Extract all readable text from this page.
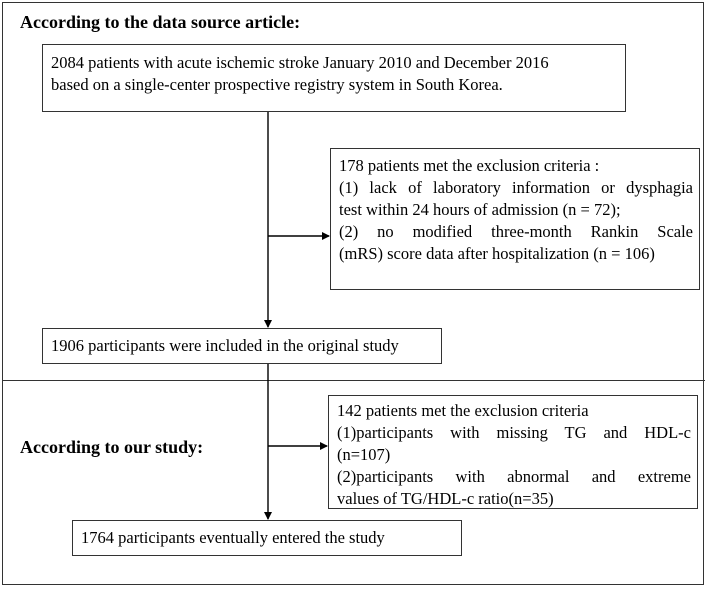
According to the data source article:
2084 patients with acute ischemic stroke January 2010 and December 2016
based on a single-center prospective registry system in South Korea.
178 patients met the exclusion criteria :
(1) lack of laboratory information or dysphagia
test within 24 hours of admission (n = 72);
(2) no modified three-month Rankin Scale
(mRS) score data after hospitalization (n = 106)
1906 participants were included in the original study
According to our study:
142 patients met the exclusion criteria
(1)participants with missing TG and HDL-c
(n=107)
(2)participants with abnormal and extreme
values of TG/HDL-c ratio(n=35)
1764 participants eventually entered the study
